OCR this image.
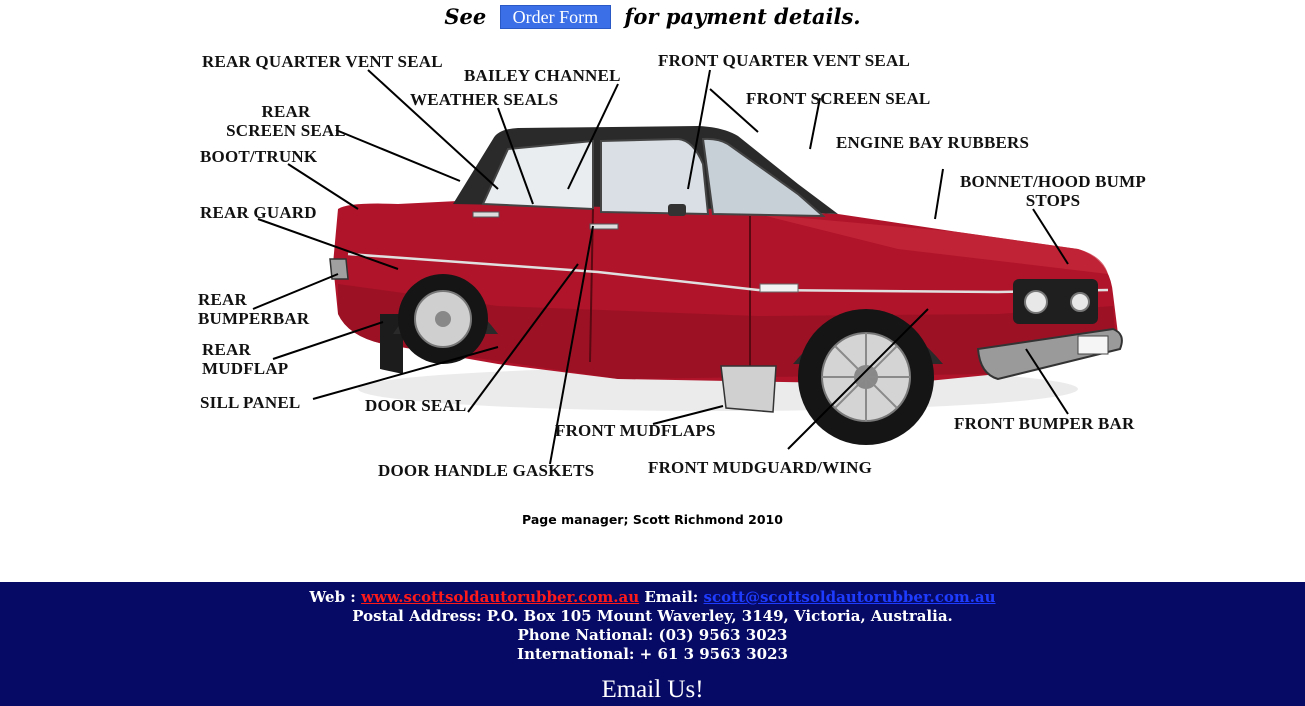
See Order Form for payment details.
REAR QUARTER VENT SEAL
BAILEY CHANNEL
WEATHER SEALS
FRONT QUARTER VENT SEAL
FRONT SCREEN SEAL
REAR
SCREEN SEAL
BOOT/TRUNK
ENGINE BAY RUBBERS
BONNET/HOOD BUMP
STOPS
REAR GUARD
REAR
BUMPERBAR
REAR
MUDFLAP
SILL PANEL	DOOR SEAL
FRONT MUDFLAPS
DOOR HANDLE GASKETS	FRONT MUDGUARD/WING
FRONT BUMPER BAR
Page manager; Scott Richmond 2010
Web : www.scottsoldautorubber.com.au Email: scott@scottsoldautorubber.com.au
Postal Address: P.O. Box 105 Mount Waverley, 3149, Victoria, Australia.
Phone National: (03) 9563 3023
International: + 61 3 9563 3023
Email Us!
